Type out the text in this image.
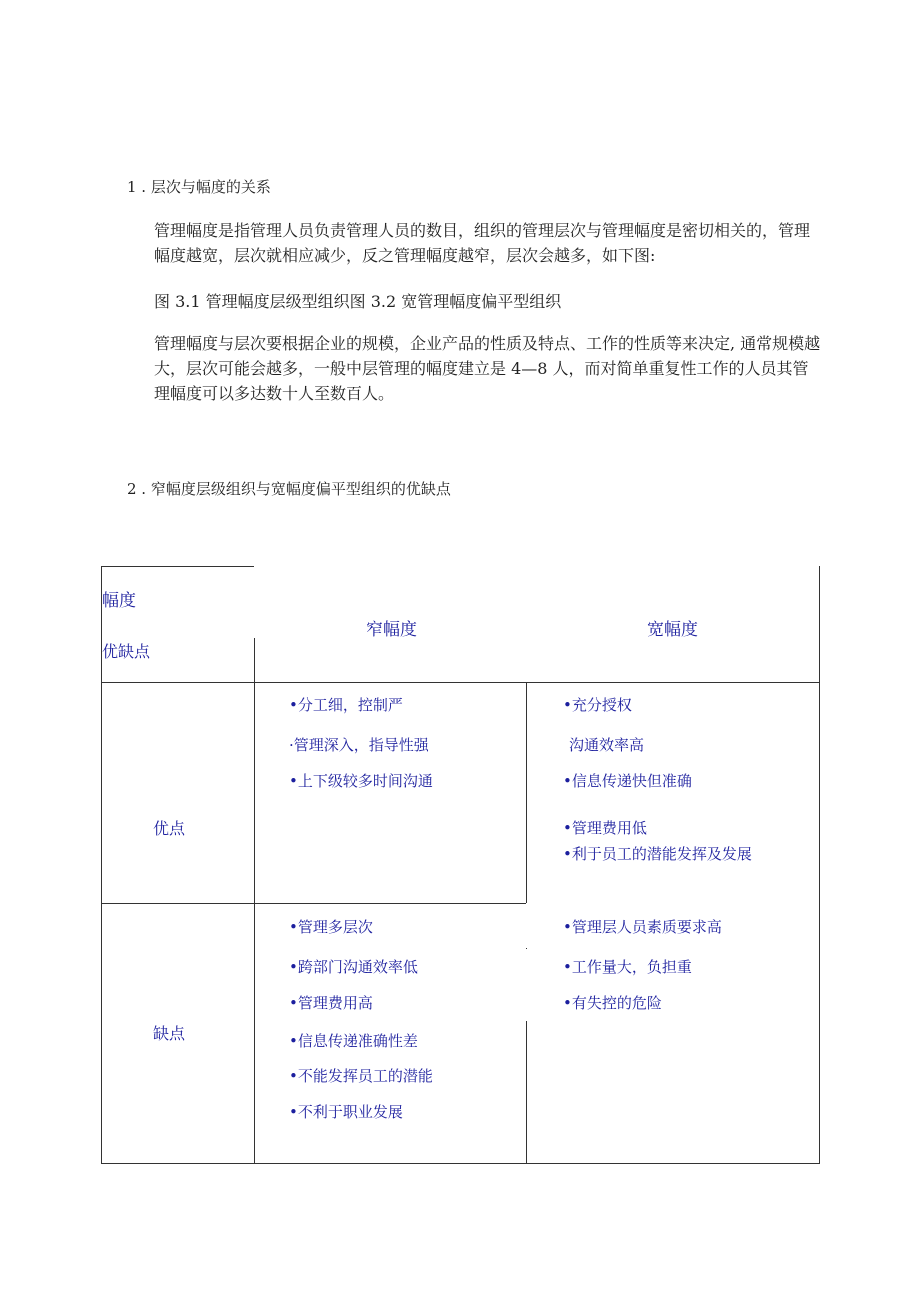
1 . 层次与幅度的关系
管理幅度是指管理人员负责管理人员的数目，组织的管理层次与管理幅度是密切相关的，管理幅度越宽，层次就相应减少，反之管理幅度越窄，层次会越多，如下图:
图 3.1 管理幅度层级型组织图 3.2 宽管理幅度偏平型组织
管理幅度与层次要根据企业的规模，企业产品的性质及特点、工作的性质等来决定, 通常规模越大，层次可能会越多，一般中层管理的幅度建立是 4—8 人，而对简单重复性工作的人员其管理幅度可以多达数十人至数百人。
2 . 窄幅度层级组织与宽幅度偏平型组织的优缺点
幅度
优缺点
窄幅度	宽幅度
优点
缺点
•分工细，控制严
·管理深入，指导性强
•上下级较多时间沟通
•充分授权
沟通效率高
•信息传递快但准确
•管理费用低
•利于员工的潜能发挥及发展
•管理多层次
•跨部门沟通效率低
•管理费用高
•信息传递准确性差
•不能发挥员工的潜能
•不利于职业发展
•管理层人员素质要求高
•工作量大，负担重
•有失控的危险
